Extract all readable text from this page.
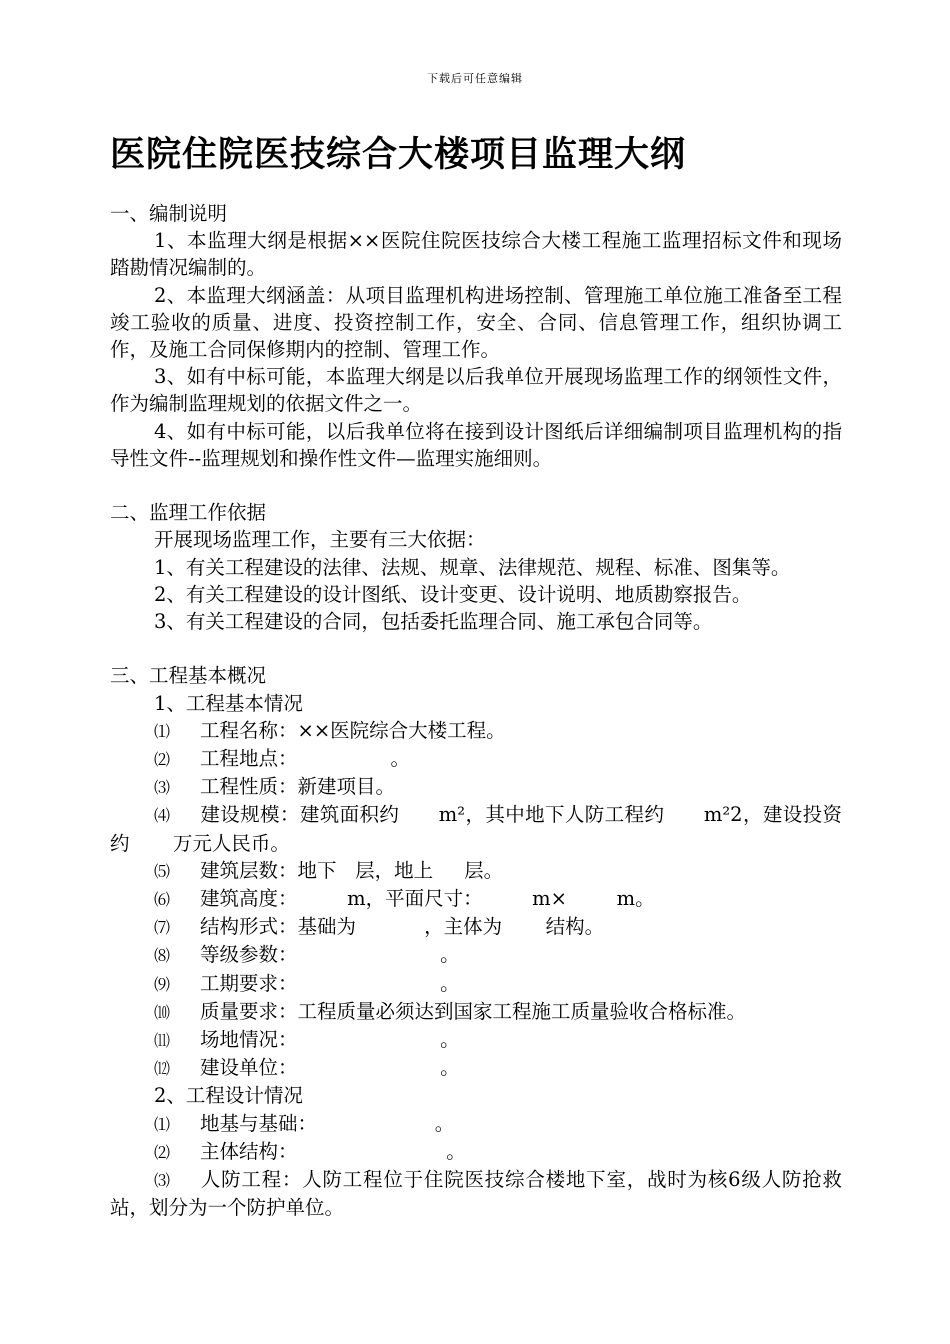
下载后可任意编辑
医院住院医技综合大楼项目监理大纲

一、编制说明

1、本监理大纲是根据××医院住院医技综合大楼工程施工监理招标文件和现场踏勘情况编制的。

2、本监理大纲涵盖：从项目监理机构进场控制、管理施工单位施工准备至工程竣工验收的质量、进度、投资控制工作，安全、合同、信息管理工作，组织协调工作，及施工合同保修期内的控制、管理工作。

3、如有中标可能，本监理大纲是以后我单位开展现场监理工作的纲领性文件，作为编制监理规划的依据文件之一。

4、如有中标可能，以后我单位将在接到设计图纸后详细编制项目监理机构的指导性文件--监理规划和操作性文件—监理实施细则。

二、监理工作依据

开展现场监理工作，主要有三大依据：

1、有关工程建设的法律、法规、规章、法律规范、规程、标准、图集等。

2、有关工程建设的设计图纸、设计变更、设计说明、地质勘察报告。

3、有关工程建设的合同，包括委托监理合同、施工承包合同等。

三、工程基本概况

1、工程基本情况

⑴ 工程名称：××医院综合大楼工程。

⑵ 工程地点：               。

⑶ 工程性质：新建项目。

⑷ 建设规模：建筑面积约      m²，其中地下人防工程约      m²2，建设投资约       万元人民币。

⑸ 建筑层数：地下   层，地上     层。

⑹ 建筑高度：        m，平面尺寸：        m×        m。

⑺ 结构形式：基础为           ，主体为       结构。

⑻ 等级参数：                       。

⑼ 工期要求：                       。

⑽ 质量要求：工程质量必须达到国家工程施工质量验收合格标准。

⑾ 场地情况：                       。

⑿ 建设单位：                       。

2、工程设计情况

⑴ 地基与基础：                   。

⑵ 主体结构：                        。

⑶ 人防工程：人防工程位于住院医技综合楼地下室，战时为核6级人防抢救站，划分为一个防护单位。
